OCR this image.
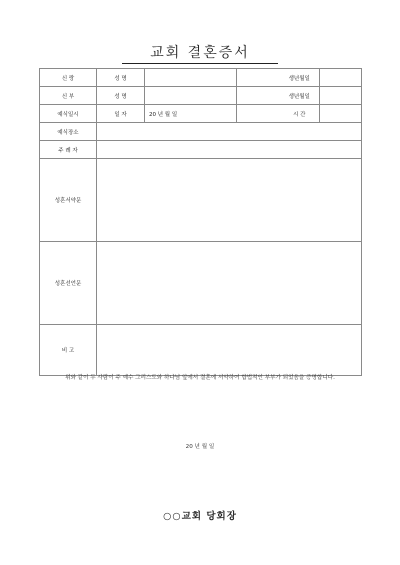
교회 결혼증서
신 랑	성 명			생년월일	
신 부	성 명			생년월일	
예식일시	일 자	20 년 월 일		시 간	
예식장소					
주 례 자					
성혼서약문					
성혼선언문					
비 고					
위와 같이 두 사람이 주 예수 그리스도와 하나님 앞에서 결혼에 서약하여 합법적인 부부가 되었음을 증명합니다.
20 년 월 일
○○교회 당회장
